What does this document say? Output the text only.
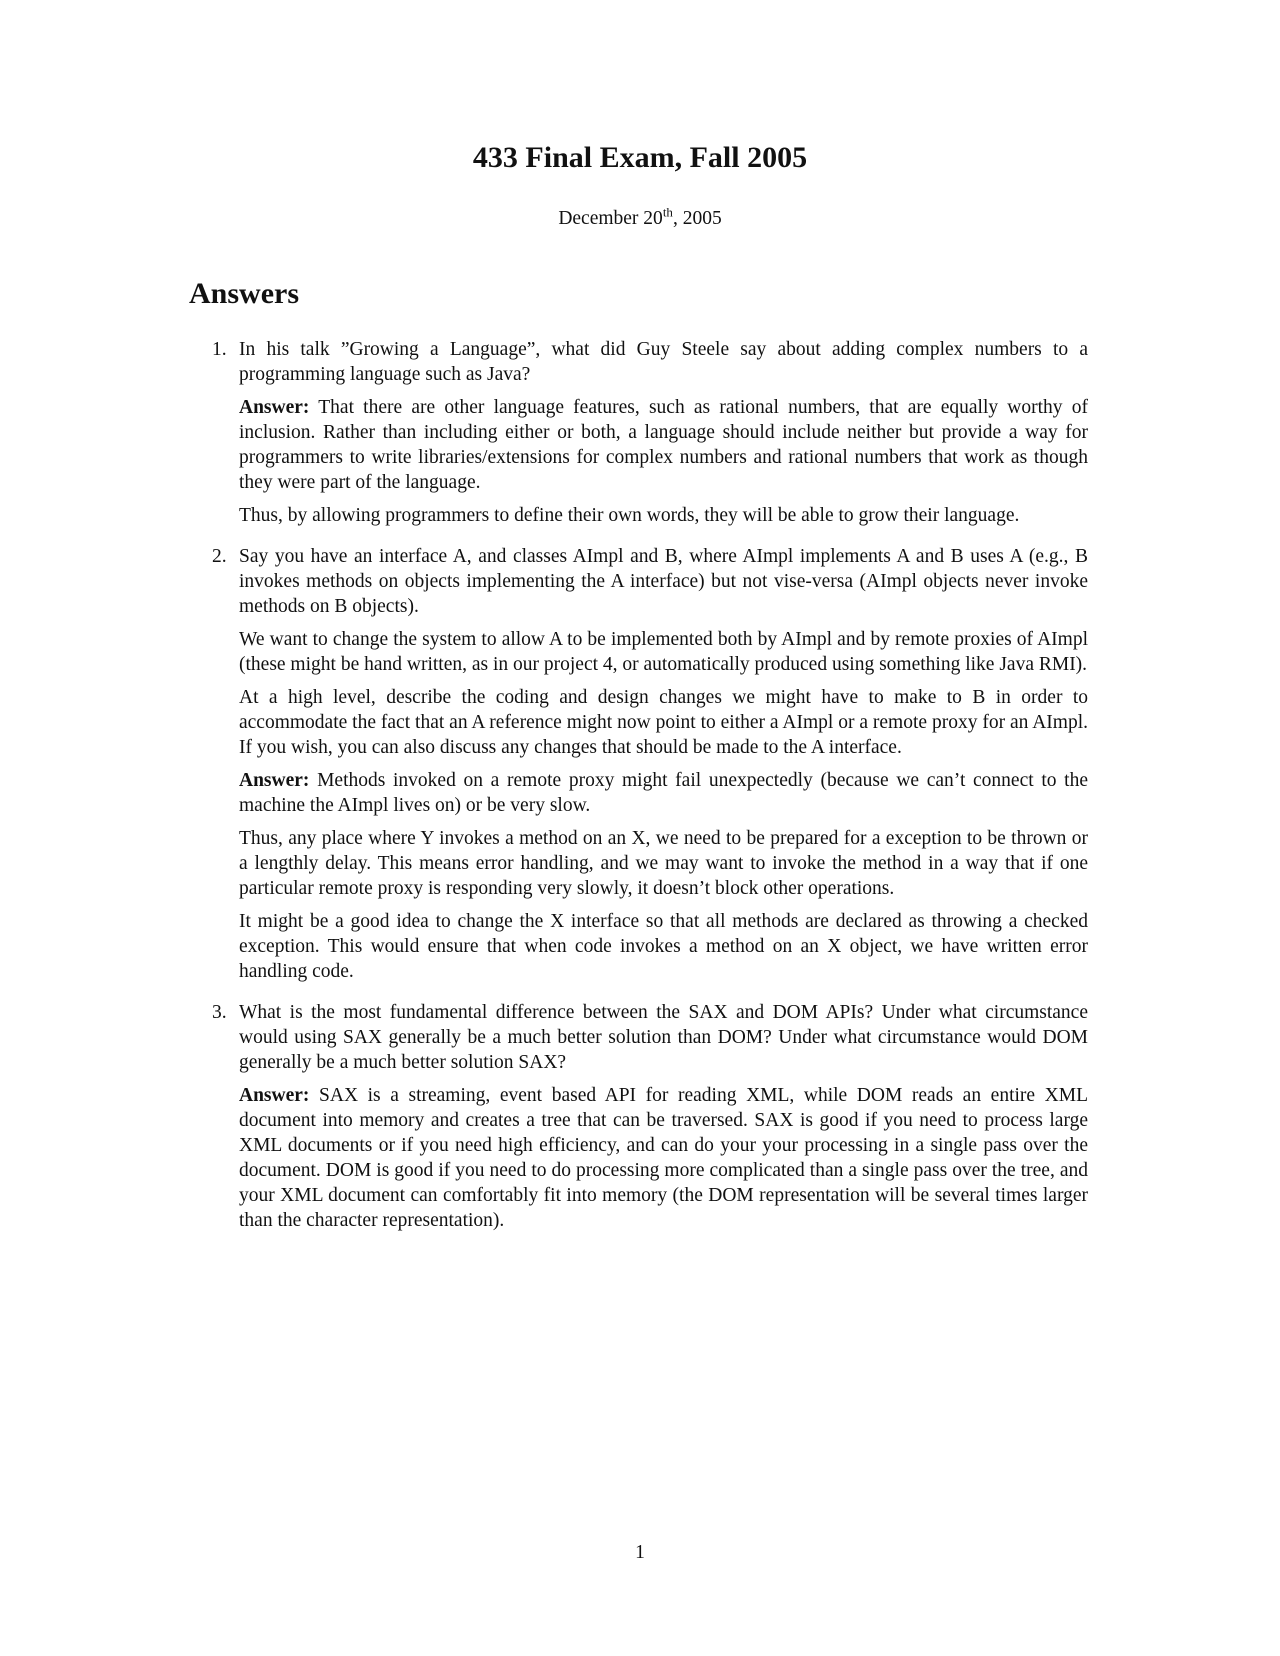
433 Final Exam, Fall 2005
December 20th, 2005
Answers
1. In his talk ”Growing a Language”, what did Guy Steele say about adding complex numbers to a programming language such as Java?

Answer: That there are other language features, such as rational numbers, that are equally worthy of inclusion. Rather than including either or both, a language should include neither but provide a way for programmers to write libraries/extensions for complex numbers and rational numbers that work as though they were part of the language.

Thus, by allowing programmers to define their own words, they will be able to grow their language.

2. Say you have an interface A, and classes AImpl and B, where AImpl implements A and B uses A (e.g., B invokes methods on objects implementing the A interface) but not vise-versa (AImpl objects never invoke methods on B objects).

We want to change the system to allow A to be implemented both by AImpl and by remote proxies of AImpl (these might be hand written, as in our project 4, or automatically produced using something like Java RMI).

At a high level, describe the coding and design changes we might have to make to B in order to accommodate the fact that an A reference might now point to either a AImpl or a remote proxy for an AImpl. If you wish, you can also discuss any changes that should be made to the A interface.

Answer: Methods invoked on a remote proxy might fail unexpectedly (because we can’t connect to the machine the AImpl lives on) or be very slow.

Thus, any place where Y invokes a method on an X, we need to be prepared for a exception to be thrown or a lengthly delay. This means error handling, and we may want to invoke the method in a way that if one particular remote proxy is responding very slowly, it doesn’t block other operations.

It might be a good idea to change the X interface so that all methods are declared as throwing a checked exception. This would ensure that when code invokes a method on an X object, we have written error handling code.

3. What is the most fundamental difference between the SAX and DOM APIs? Under what circumstance would using SAX generally be a much better solution than DOM? Under what circumstance would DOM generally be a much better solution SAX?

Answer: SAX is a streaming, event based API for reading XML, while DOM reads an entire XML document into memory and creates a tree that can be traversed. SAX is good if you need to process large XML documents or if you need high efficiency, and can do your your processing in a single pass over the document. DOM is good if you need to do processing more complicated than a single pass over the tree, and your XML document can comfortably fit into memory (the DOM representation will be several times larger than the character representation).

1
